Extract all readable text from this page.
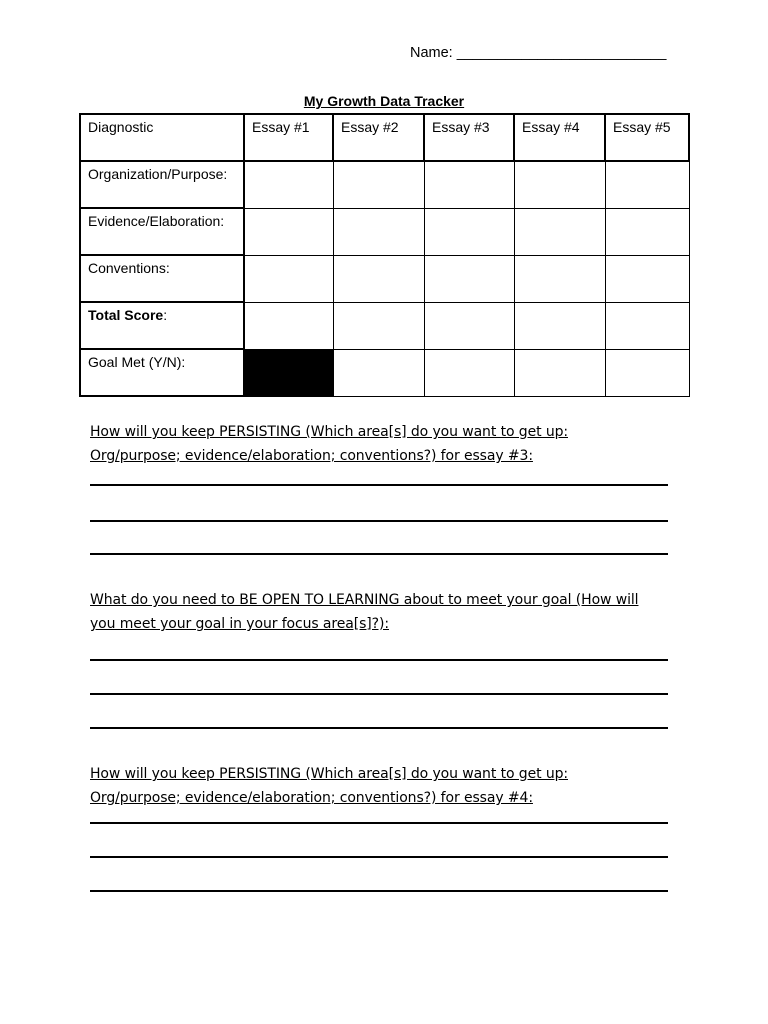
Name: __________________________
My Growth Data Tracker
Diagnostic	Essay #1	Essay #2	Essay #3	Essay #4	Essay #5

Organization/Purpose:					

Evidence/Elaboration:					

Conventions:					

Total Score:					

Goal Met (Y/N):					

How will you keep PERSISTING (Which area[s] do you want to get up:
Org/purpose; evidence/elaboration; conventions?) for essay #3:
What do you need to BE OPEN TO LEARNING about to meet your goal (How will
you meet your goal in your focus area[s]?):
How will you keep PERSISTING (Which area[s] do you want to get up:
Org/purpose; evidence/elaboration; conventions?) for essay #4:
